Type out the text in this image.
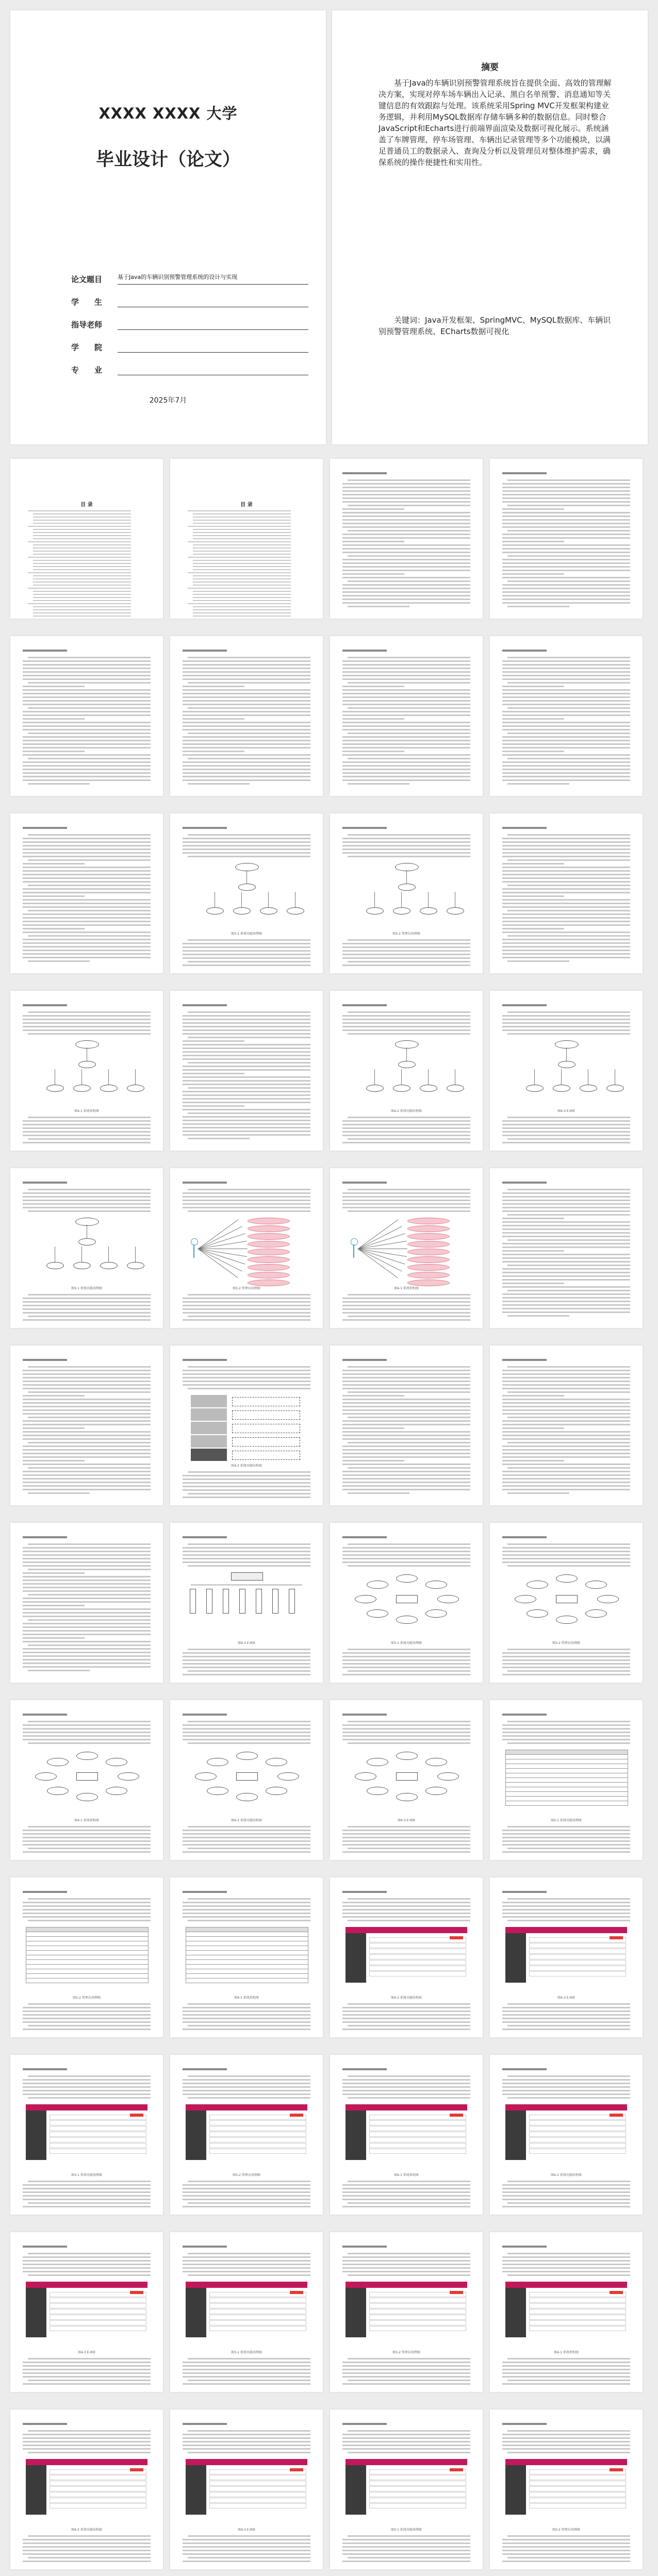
XXXX XXXX 大学
毕业设计（论文）
论文题目	基于Java的车辆识别预警管理系统的设计与实现
学　　生
指导老师
学　　院
专　　业
2025年7月
摘要
基于Java的车辆识别预警管理系统旨在提供全面、高效的管理解决方案，实现对停车场车辆出入记录、黑白名单预警、消息通知等关键信息的有效跟踪与处理。该系统采用Spring MVC开发框架构建业务逻辑，并利用MySQL数据库存储车辆多种的数据信息。同时整合JavaScript和Echarts进行前端界面渲染及数据可视化展示。系统涵盖了车牌管理、停车场管理、车辆出记录管理等多个功能模块，以满足普通员工的数据录入、查询及分析以及管理员对整体维护需求，确保系统的操作便捷性和实用性。
关键词：Java开发框架、SpringMVC、MySQL数据库、车辆识别预警管理系统、ECharts数据可视化
目 录	目 录
图3-1 系统功能用例图	图3-2 管理员用例图
图4-1 系统架构图	图4-2 系统功能结构图	图4-3 E-R图
图3-1 系统功能用例图	图3-2 管理员用例图	图4-1 系统架构图
图4-2 系统功能结构图
图4-3 E-R图	图3-1 系统功能用例图	图3-2 管理员用例图
图4-1 系统架构图	图4-2 系统功能结构图	图4-3 E-R图	图3-1 系统功能用例图
图3-2 管理员用例图	图4-1 系统架构图	图4-2 系统功能结构图	图4-3 E-R图
图3-1 系统功能用例图	图3-2 管理员用例图	图4-1 系统架构图	图4-2 系统功能结构图
图4-3 E-R图	图3-1 系统功能用例图	图3-2 管理员用例图	图4-1 系统架构图
图4-2 系统功能结构图	图4-3 E-R图	图3-1 系统功能用例图	图3-2 管理员用例图
